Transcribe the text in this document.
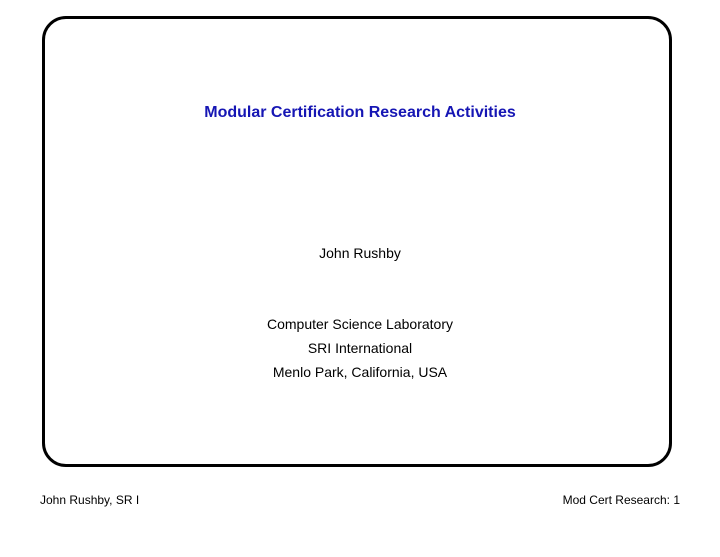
Modular Certification Research Activities
John Rushby
Computer Science Laboratory
SRI International
Menlo Park, California, USA
John Rushby, SR I	Mod Cert Research: 1
